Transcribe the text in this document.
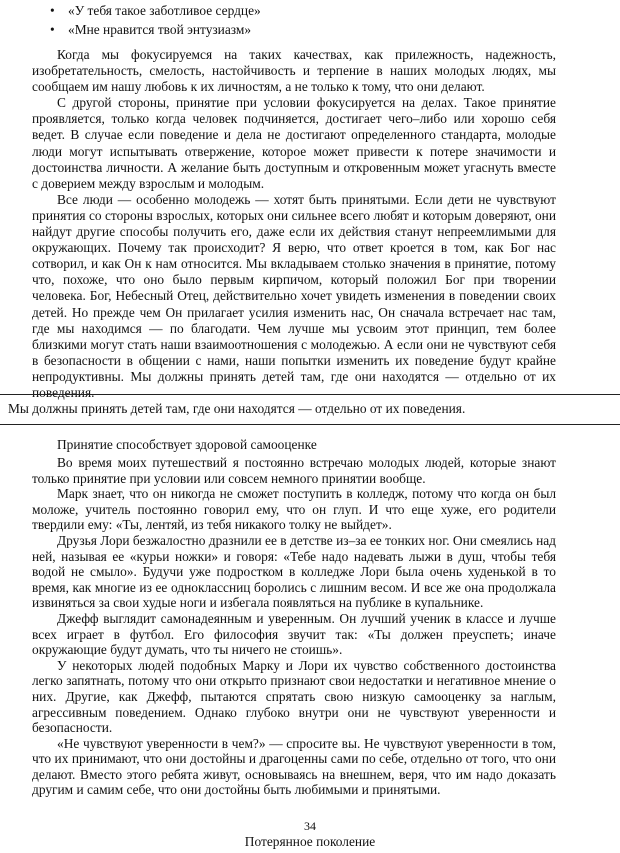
• «У тебя такое заботливое сердце»
• «Мне нравится твой энтузиазм»

Когда мы фокусируемся на таких качествах, как прилежность, надежность, изобретательность, смелость, настойчивость и терпение в наших молодых людях, мы сообщаем им нашу любовь к их личностям, а не только к тому, что они делают.

С другой стороны, принятие при условии фокусируется на делах. Такое принятие проявляется, только когда человек подчиняется, достигает чего–либо или хорошо себя ведет. В случае если поведение и дела не достигают определенного стандарта, молодые люди могут испытывать отвержение, которое может привести к потере значимости и достоинства личности. А желание быть доступным и откровенным может угаснуть вместе с доверием между взрослым и молодым.

Все люди — особенно молодежь — хотят быть принятыми. Если дети не чувствуют принятия со стороны взрослых, которых они сильнее всего любят и которым доверяют, они найдут другие способы получить его, даже если их действия станут непреемлимыми для окружающих. Почему так происходит? Я верю, что ответ кроется в том, как Бог нас сотворил, и как Он к нам относится. Мы вкладываем столько значения в принятие, потому что, похоже, что оно было первым кирпичом, который положил Бог при творении человека. Бог, Небесный Отец, действительно хочет увидеть изменения в поведении своих детей. Но прежде чем Он прилагает усилия изменить нас, Он сначала встречает нас там, где мы находимся — по благодати. Чем лучше мы усвоим этот принцип, тем более близкими могут стать наши взаимоотношения с молодежью. А если они не чувствуют себя в безопасности в общении с нами, наши попытки изменить их поведение будут крайне непродуктивны. Мы должны принять детей там, где они находятся — отдельно от их поведения.

Мы должны принять детей там, где они находятся — отдельно от их поведения.
Принятие способствует здоровой самооценке

Во время моих путешествий я постоянно встречаю молодых людей, которые знают только принятие при условии или совсем немного принятии вообще.

Марк знает, что он никогда не сможет поступить в колледж, потому что когда он был моложе, учитель постоянно говорил ему, что он глуп. И что еще хуже, его родители твердили ему: «Ты, лентяй, из тебя никакого толку не выйдет».

Друзья Лори безжалостно дразнили ее в детстве из–за ее тонких ног. Они смеялись над ней, называя ее «курьи ножки» и говоря: «Тебе надо надевать лыжи в душ, чтобы тебя водой не смыло». Будучи уже подростком в колледже Лори была очень худенькой в то время, как многие из ее одноклассниц боролись с лишним весом. И все же она продолжала извиняться за свои худые ноги и избегала появляться на публике в купальнике.

Джефф выглядит самонадеянным и уверенным. Он лучший ученик в классе и лучше всех играет в футбол. Его философия звучит так: «Ты должен преуспеть; иначе окружающие будут думать, что ты ничего не стоишь».

У некоторых людей подобных Марку и Лори их чувство собственного достоинства легко запятнать, потому что они открыто признают свои недостатки и негативное мнение о них. Другие, как Джефф, пытаются спрятать свою низкую самооценку за наглым, агрессивным поведением. Однако глубоко внутри они не чувствуют уверенности и безопасности.

«Не чувствуют уверенности в чем?» — спросите вы. Не чувствуют уверенности в том, что их принимают, что они достойны и драгоценны сами по себе, отдельно от того, что они делают. Вместо этого ребята живут, основываясь на внешнем, веря, что им надо доказать другим и самим себе, что они достойны быть любимыми и принятыми.

34
Потерянное поколение
